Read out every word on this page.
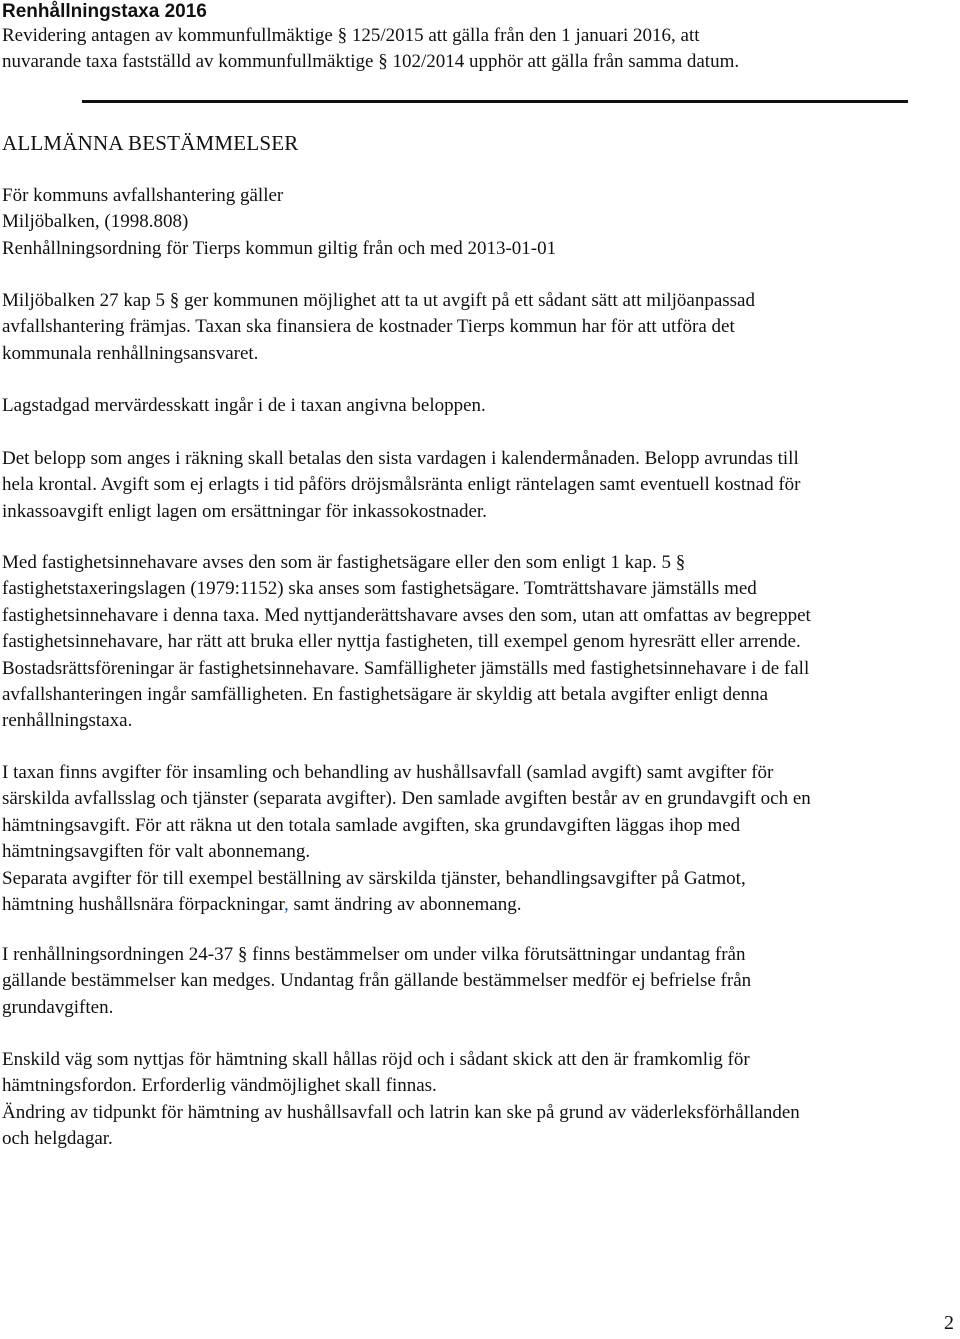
Renhållningstaxa 2016
Revidering antagen av kommunfullmäktige § 125/2015 att gälla från den 1 januari 2016, att
nuvarande taxa fastställd av kommunfullmäktige § 102/2014 upphör att gälla från samma datum.
ALLMÄNNA BESTÄMMELSER
För kommuns avfallshantering gäller
Miljöbalken, (1998.808)
Renhållningsordning för Tierps kommun giltig från och med 2013-01-01
Miljöbalken 27 kap 5 § ger kommunen möjlighet att ta ut avgift på ett sådant sätt att miljöanpassad
avfallshantering främjas. Taxan ska finansiera de kostnader Tierps kommun har för att utföra det
kommunala renhållningsansvaret.
Lagstadgad mervärdesskatt ingår i de i taxan angivna beloppen.
Det belopp som anges i räkning skall betalas den sista vardagen i kalendermånaden. Belopp avrundas till
hela krontal. Avgift som ej erlagts i tid påförs dröjsmålsränta enligt räntelagen samt eventuell kostnad för
inkassoavgift enligt lagen om ersättningar för inkassokostnader.
Med fastighetsinnehavare avses den som är fastighetsägare eller den som enligt 1 kap. 5 §
fastighetstaxeringslagen (1979:1152) ska anses som fastighetsägare. Tomträttshavare jämställs med
fastighetsinnehavare i denna taxa. Med nyttjanderättshavare avses den som, utan att omfattas av begreppet
fastighetsinnehavare, har rätt att bruka eller nyttja fastigheten, till exempel genom hyresrätt eller arrende.
Bostadsrättsföreningar är fastighetsinnehavare. Samfälligheter jämställs med fastighetsinnehavare i de fall
avfallshanteringen ingår samfälligheten. En fastighetsägare är skyldig att betala avgifter enligt denna
renhållningstaxa.
I taxan finns avgifter för insamling och behandling av hushållsavfall (samlad avgift) samt avgifter för
särskilda avfallsslag och tjänster (separata avgifter). Den samlade avgiften består av en grundavgift och en
hämtningsavgift. För att räkna ut den totala samlade avgiften, ska grundavgiften läggas ihop med
hämtningsavgiften för valt abonnemang.
Separata avgifter för till exempel beställning av särskilda tjänster, behandlingsavgifter på Gatmot,
hämtning hushållsnära förpackningar, samt ändring av abonnemang.
I renhållningsordningen 24-37 § finns bestämmelser om under vilka förutsättningar undantag från
gällande bestämmelser kan medges. Undantag från gällande bestämmelser medför ej befrielse från
grundavgiften.
Enskild väg som nyttjas för hämtning skall hållas röjd och i sådant skick att den är framkomlig för
hämtningsfordon. Erforderlig vändmöjlighet skall finnas.
Ändring av tidpunkt för hämtning av hushållsavfall och latrin kan ske på grund av väderleksförhållanden
och helgdagar.
2
